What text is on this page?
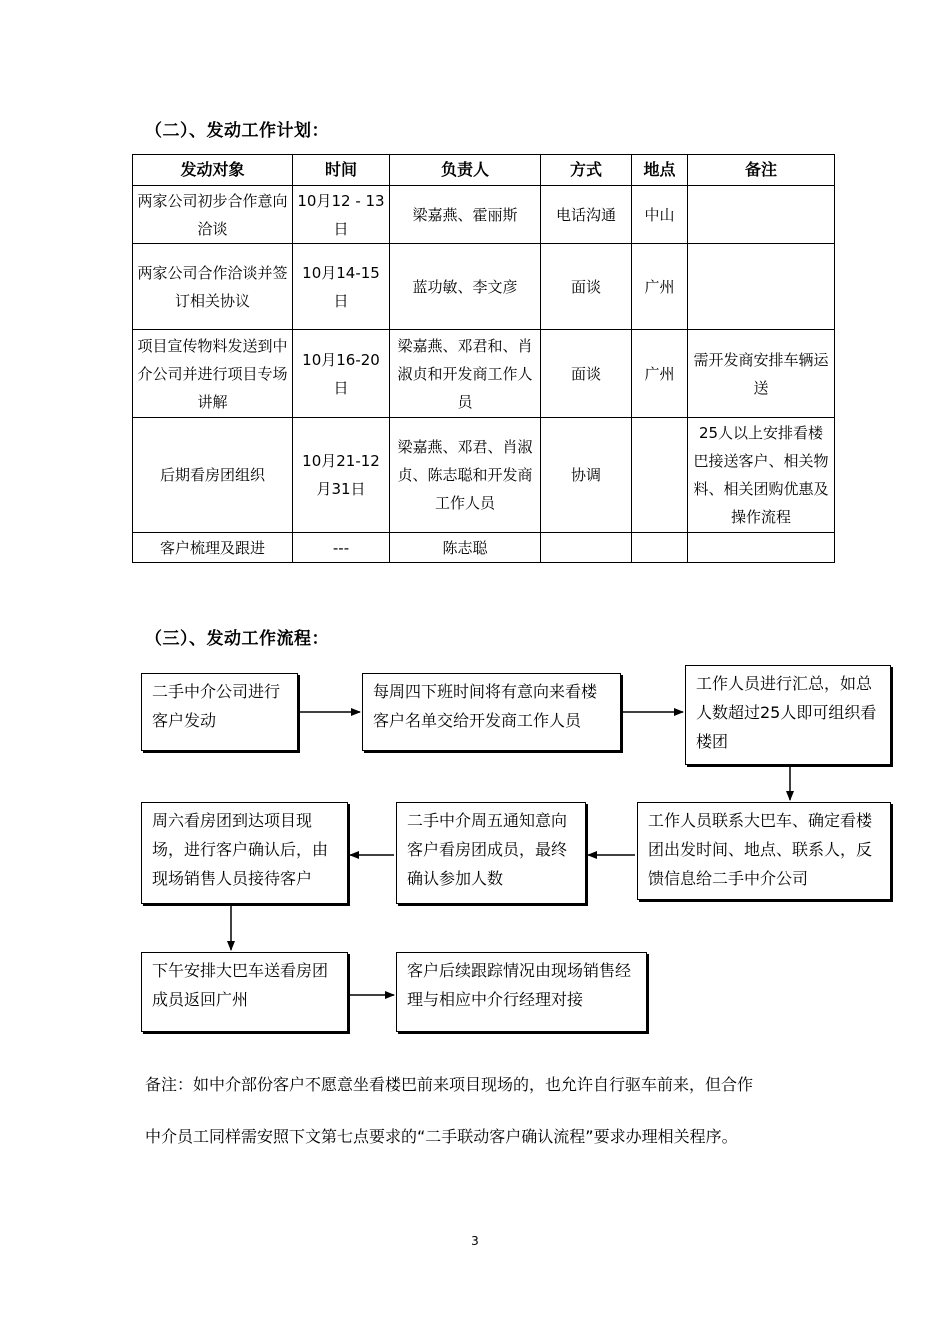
（二）、发动工作计划：
发动对象	时间	负责人	方式	地点	备注
两家公司初步合作意向洽谈	10月12 - 13日	梁嘉燕、霍丽斯	电话沟通	中山	
两家公司合作洽谈并签订相关协议	10月14-15日	蓝功敏、李文彦	面谈	广州	
项目宣传物料发送到中介公司并进行项目专场讲解	10月16-20日	梁嘉燕、邓君和、肖淑贞和开发商工作人员	面谈	广州	需开发商安排车辆运送
后期看房团组织	10月21-12月31日	梁嘉燕、邓君、肖淑贞、陈志聪和开发商工作人员	协调		25人以上安排看楼巴接送客户、相关物料、相关团购优惠及操作流程
客户梳理及跟进	---	陈志聪			
（三）、发动工作流程：
二手中介公司进行客户发动
每周四下班时间将有意向来看楼客户名单交给开发商工作人员
工作人员进行汇总，如总人数超过25人即可组织看楼团
工作人员联系大巴车、确定看楼团出发时间、地点、联系人，反馈信息给二手中介公司
二手中介周五通知意向客户看房团成员，最终确认参加人数
周六看房团到达项目现场，进行客户确认后，由现场销售人员接待客户
下午安排大巴车送看房团成员返回广州
客户后续跟踪情况由现场销售经理与相应中介行经理对接
备注：如中介部份客户不愿意坐看楼巴前来项目现场的，也允许自行驱车前来，但合作
中介员工同样需安照下文第七点要求的“二手联动客户确认流程”要求办理相关程序。
3
